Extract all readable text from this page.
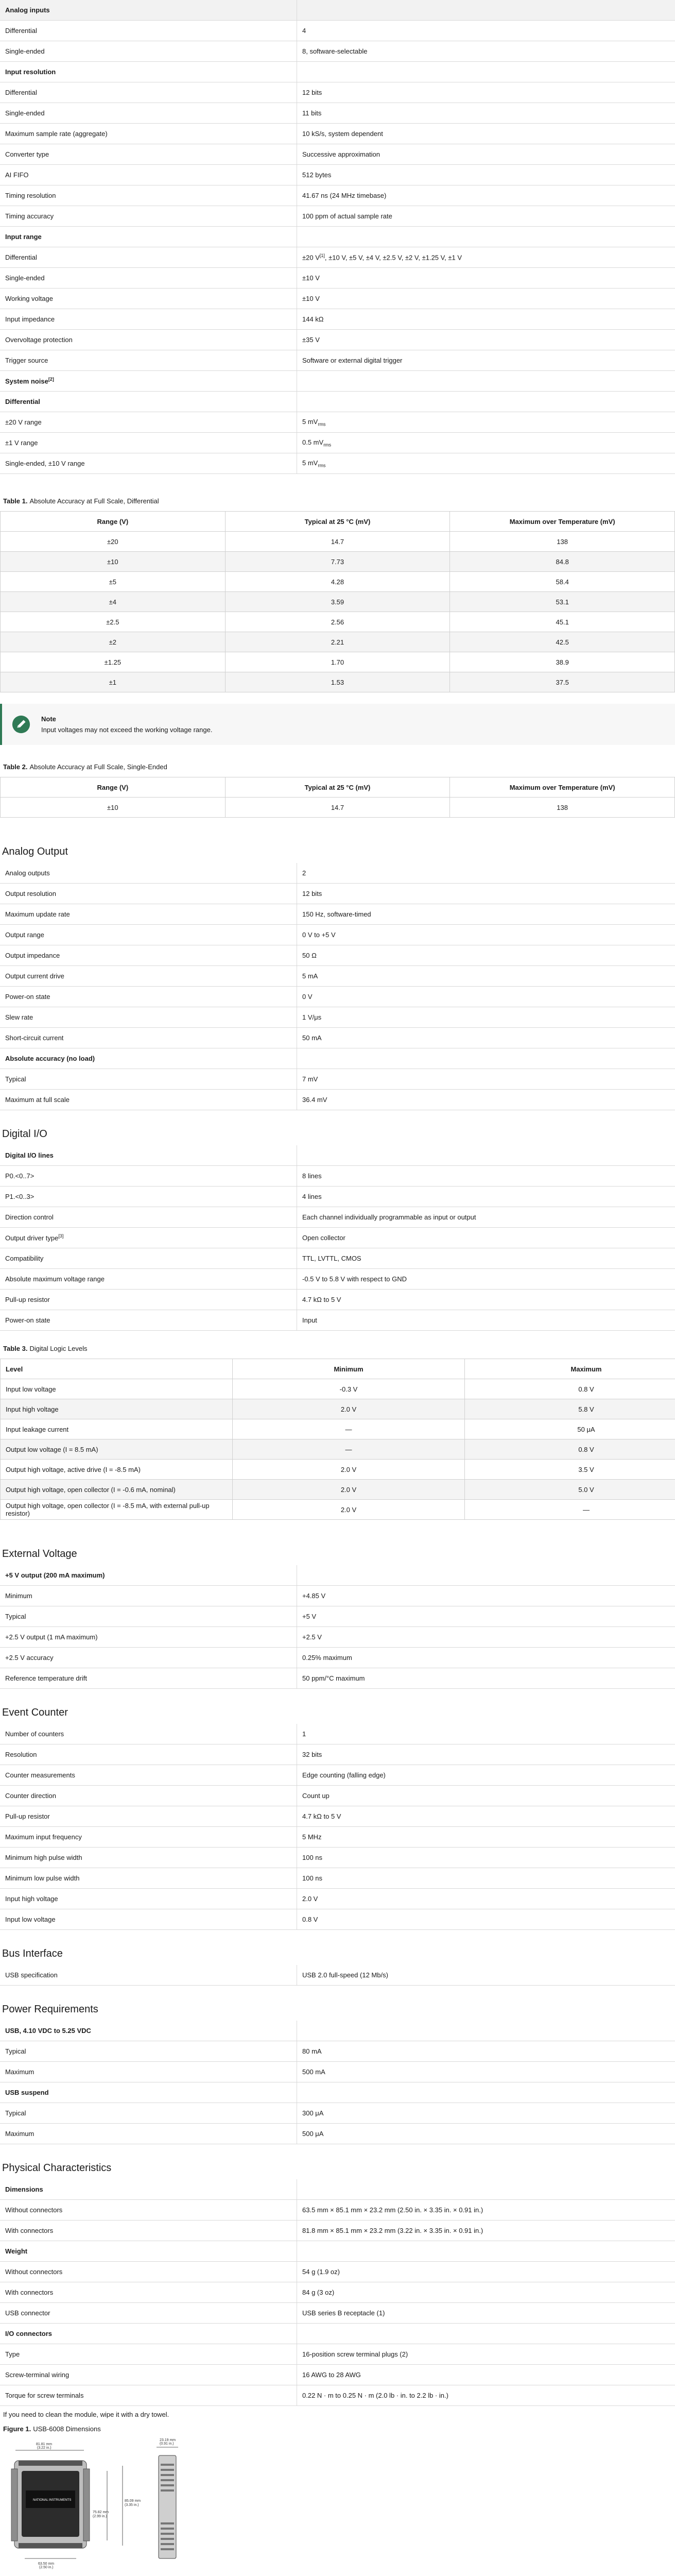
Analog inputs	
Differential	4
Single-ended	8, software-selectable
Input resolution	
Differential	12 bits
Single-ended	11 bits
Maximum sample rate (aggregate)	10 kS/s, system dependent
Converter type	Successive approximation
AI FIFO	512 bytes
Timing resolution	41.67 ns (24 MHz timebase)
Timing accuracy	100 ppm of actual sample rate
Input range	
Differential	±20 V[1], ±10 V, ±5 V, ±4 V, ±2.5 V, ±2 V, ±1.25 V, ±1 V
Single-ended	±10 V
Working voltage	±10 V
Input impedance	144 kΩ
Overvoltage protection	±35 V
Trigger source	Software or external digital trigger
System noise[2]	
Differential	
±20 V range	5 $mV_{rms}$
±1 V range	0.5 $mV_{rms}$
Single-ended, ±10 V range	5 $mV_{rms}$
Table 1. Absolute Accuracy at Full Scale, Differential
Range (V)	Typical at 25 °C (mV)	Maximum over Temperature (mV)
±20	14.7	138
±10	7.73	84.8
±5	4.28	58.4
±4	3.59	53.1
±2.5	2.56	45.1
±2	2.21	42.5
±1.25	1.70	38.9
±1	1.53	37.5
Note
Input voltages may not exceed the working voltage range.
Table 2. Absolute Accuracy at Full Scale, Single-Ended
Range (V)	Typical at 25 °C (mV)	Maximum over Temperature (mV)
±10	14.7	138
Analog Output
Analog outputs	2
Output resolution	12 bits
Maximum update rate	150 Hz, software-timed
Output range	0 V to +5 V
Output impedance	50 Ω
Output current drive	5 mA
Power-on state	0 V
Slew rate	1 V/μs
Short-circuit current	50 mA
Absolute accuracy (no load)	
Typical	7 mV
Maximum at full scale	36.4 mV
Digital I/O
Digital I/O lines	
P0.<0..7>	8 lines
P1.<0..3>	4 lines
Direction control	Each channel individually programmable as input or output
Output driver type[3]	Open collector
Compatibility	TTL, LVTTL, CMOS
Absolute maximum voltage range	-0.5 V to 5.8 V with respect to GND
Pull-up resistor	4.7 kΩ to 5 V
Power-on state	Input
Table 3. Digital Logic Levels
Level	Minimum	Maximum
Input low voltage	-0.3 V	0.8 V
Input high voltage	2.0 V	5.8 V
Input leakage current	—	50 μA
Output low voltage (I = 8.5 mA)	—	0.8 V
Output high voltage, active drive (I = -8.5 mA)	2.0 V	3.5 V
Output high voltage, open collector (I = -0.6 mA, nominal)	2.0 V	5.0 V
Output high voltage, open collector (I = -8.5 mA, with external pull-up resistor)	2.0 V	—
External Voltage
+5 V output (200 mA maximum)	
Minimum	+4.85 V
Typical	+5 V
+2.5 V output (1 mA maximum)	+2.5 V
+2.5 V accuracy	0.25% maximum
Reference temperature drift	50 ppm/°C maximum
Event Counter
Number of counters	1
Resolution	32 bits
Counter measurements	Edge counting (falling edge)
Counter direction	Count up
Pull-up resistor	4.7 kΩ to 5 V
Maximum input frequency	5 MHz
Minimum high pulse width	100 ns
Minimum low pulse width	100 ns
Input high voltage	2.0 V
Input low voltage	0.8 V
Bus Interface
USB specification	USB 2.0 full-speed (12 Mb/s)
Power Requirements
USB, 4.10 VDC to 5.25 VDC	
Typical	80 mA
Maximum	500 mA
USB suspend	
Typical	300 μA
Maximum	500 μA
Physical Characteristics
Dimensions	
Without connectors	63.5 mm × 85.1 mm × 23.2 mm (2.50 in. × 3.35 in. × 0.91 in.)
With connectors	81.8 mm × 85.1 mm × 23.2 mm (3.22 in. × 3.35 in. × 0.91 in.)
Weight	
Without connectors	54 g (1.9 oz)
With connectors	84 g (3 oz)
USB connector	USB series B receptacle (1)
I/O connectors	
Type	16-position screw terminal plugs (2)
Screw-terminal wiring	16 AWG to 28 AWG
Torque for screw terminals	0.22 N · m to 0.25 N · m (2.0 lb · in. to 2.2 lb · in.)
If you need to clean the module, wipe it with a dry towel.
Figure 1. USB-6008 Dimensions
81.81 mm
(3.22 in.)
NATIONAL INSTRUMENTS	85.09 mm
(3.35 in.)
75.82 mm
(2.99 in.)
63.50 mm
(2.50 in.)
23.19 mm
(0.91 in.)
